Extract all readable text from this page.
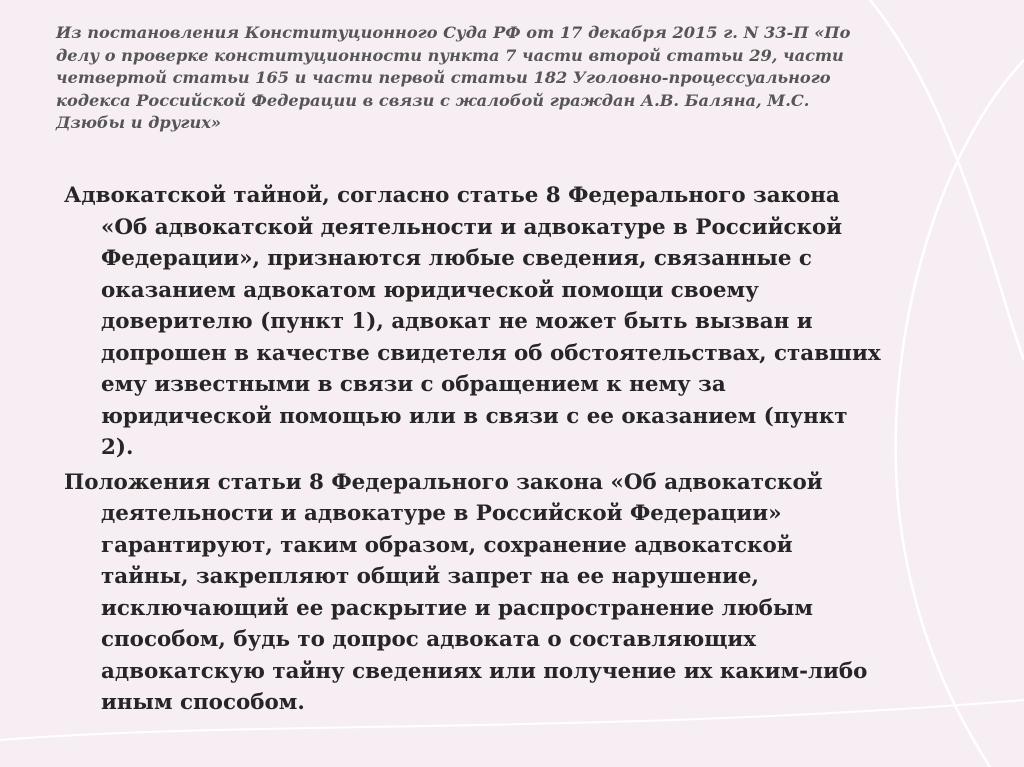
Из постановления Конституционного Суда РФ от 17 декабря 2015 г. N 33-П «По делу о проверке конституционности пункта 7 части второй статьи 29, части четвертой статьи 165 и части первой статьи 182 Уголовно-процессуального кодекса Российской Федерации в связи с жалобой граждан А.В. Баляна, М.С. Дзюбы и других»
Адвокатской тайной, согласно статье 8 Федерального закона «Об адвокатской деятельности и адвокатуре в Российской Федерации», признаются любые сведения, связанные с оказанием адвокатом юридической помощи своему доверителю (пункт 1), адвокат не может быть вызван и допрошен в качестве свидетеля об обстоятельствах, ставших ему известными в связи с обращением к нему за юридической помощью или в связи с ее оказанием (пункт 2).
Положения статьи 8 Федерального закона «Об адвокатской деятельности и адвокатуре в Российской Федерации» гарантируют, таким образом, сохранение адвокатской тайны, закрепляют общий запрет на ее нарушение, исключающий ее раскрытие и распространение любым способом, будь то допрос адвоката о составляющих адвокатскую тайну сведениях или получение их каким-либо иным способом.
